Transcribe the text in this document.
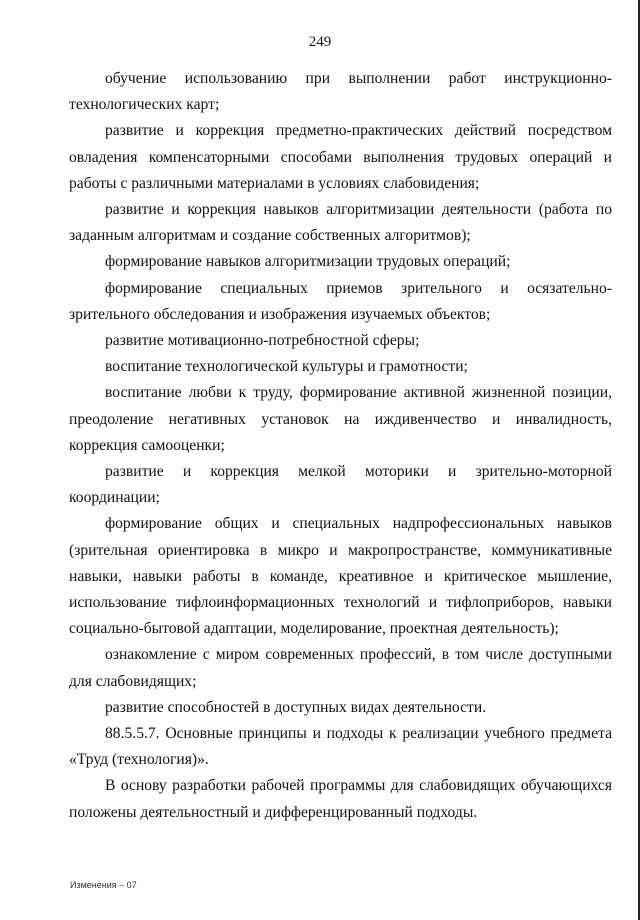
249

обучение использованию при выполнении работ инструкционно-технологических карт;

развитие и коррекция предметно-практических действий посредством овладения компенсаторными способами выполнения трудовых операций и работы с различными материалами в условиях слабовидения;

развитие и коррекция навыков алгоритмизации деятельности (работа по заданным алгоритмам и создание собственных алгоритмов);

формирование навыков алгоритмизации трудовых операций;

формирование специальных приемов зрительного и осязательно-зрительного обследования и изображения изучаемых объектов;

развитие мотивационно-потребностной сферы;

воспитание технологической культуры и грамотности;

воспитание любви к труду, формирование активной жизненной позиции, преодоление негативных установок на иждивенчество и инвалидность, коррекция самооценки;

развитие и коррекция мелкой моторики и зрительно-моторной координации;

формирование общих и специальных надпрофессиональных навыков (зрительная ориентировка в микро и макропространстве, коммуникативные навыки, навыки работы в команде, креативное и критическое мышление, использование тифлоинформационных технологий и тифлоприборов, навыки социально-бытовой адаптации, моделирование, проектная деятельность);

ознакомление с миром современных профессий, в том числе доступными для слабовидящих;

развитие способностей в доступных видах деятельности.

88.5.5.7. Основные принципы и подходы к реализации учебного предмета «Труд (технология)».

В основу разработки рабочей программы для слабовидящих обучающихся положены деятельностный и дифференцированный подходы.

Изменения – 07
